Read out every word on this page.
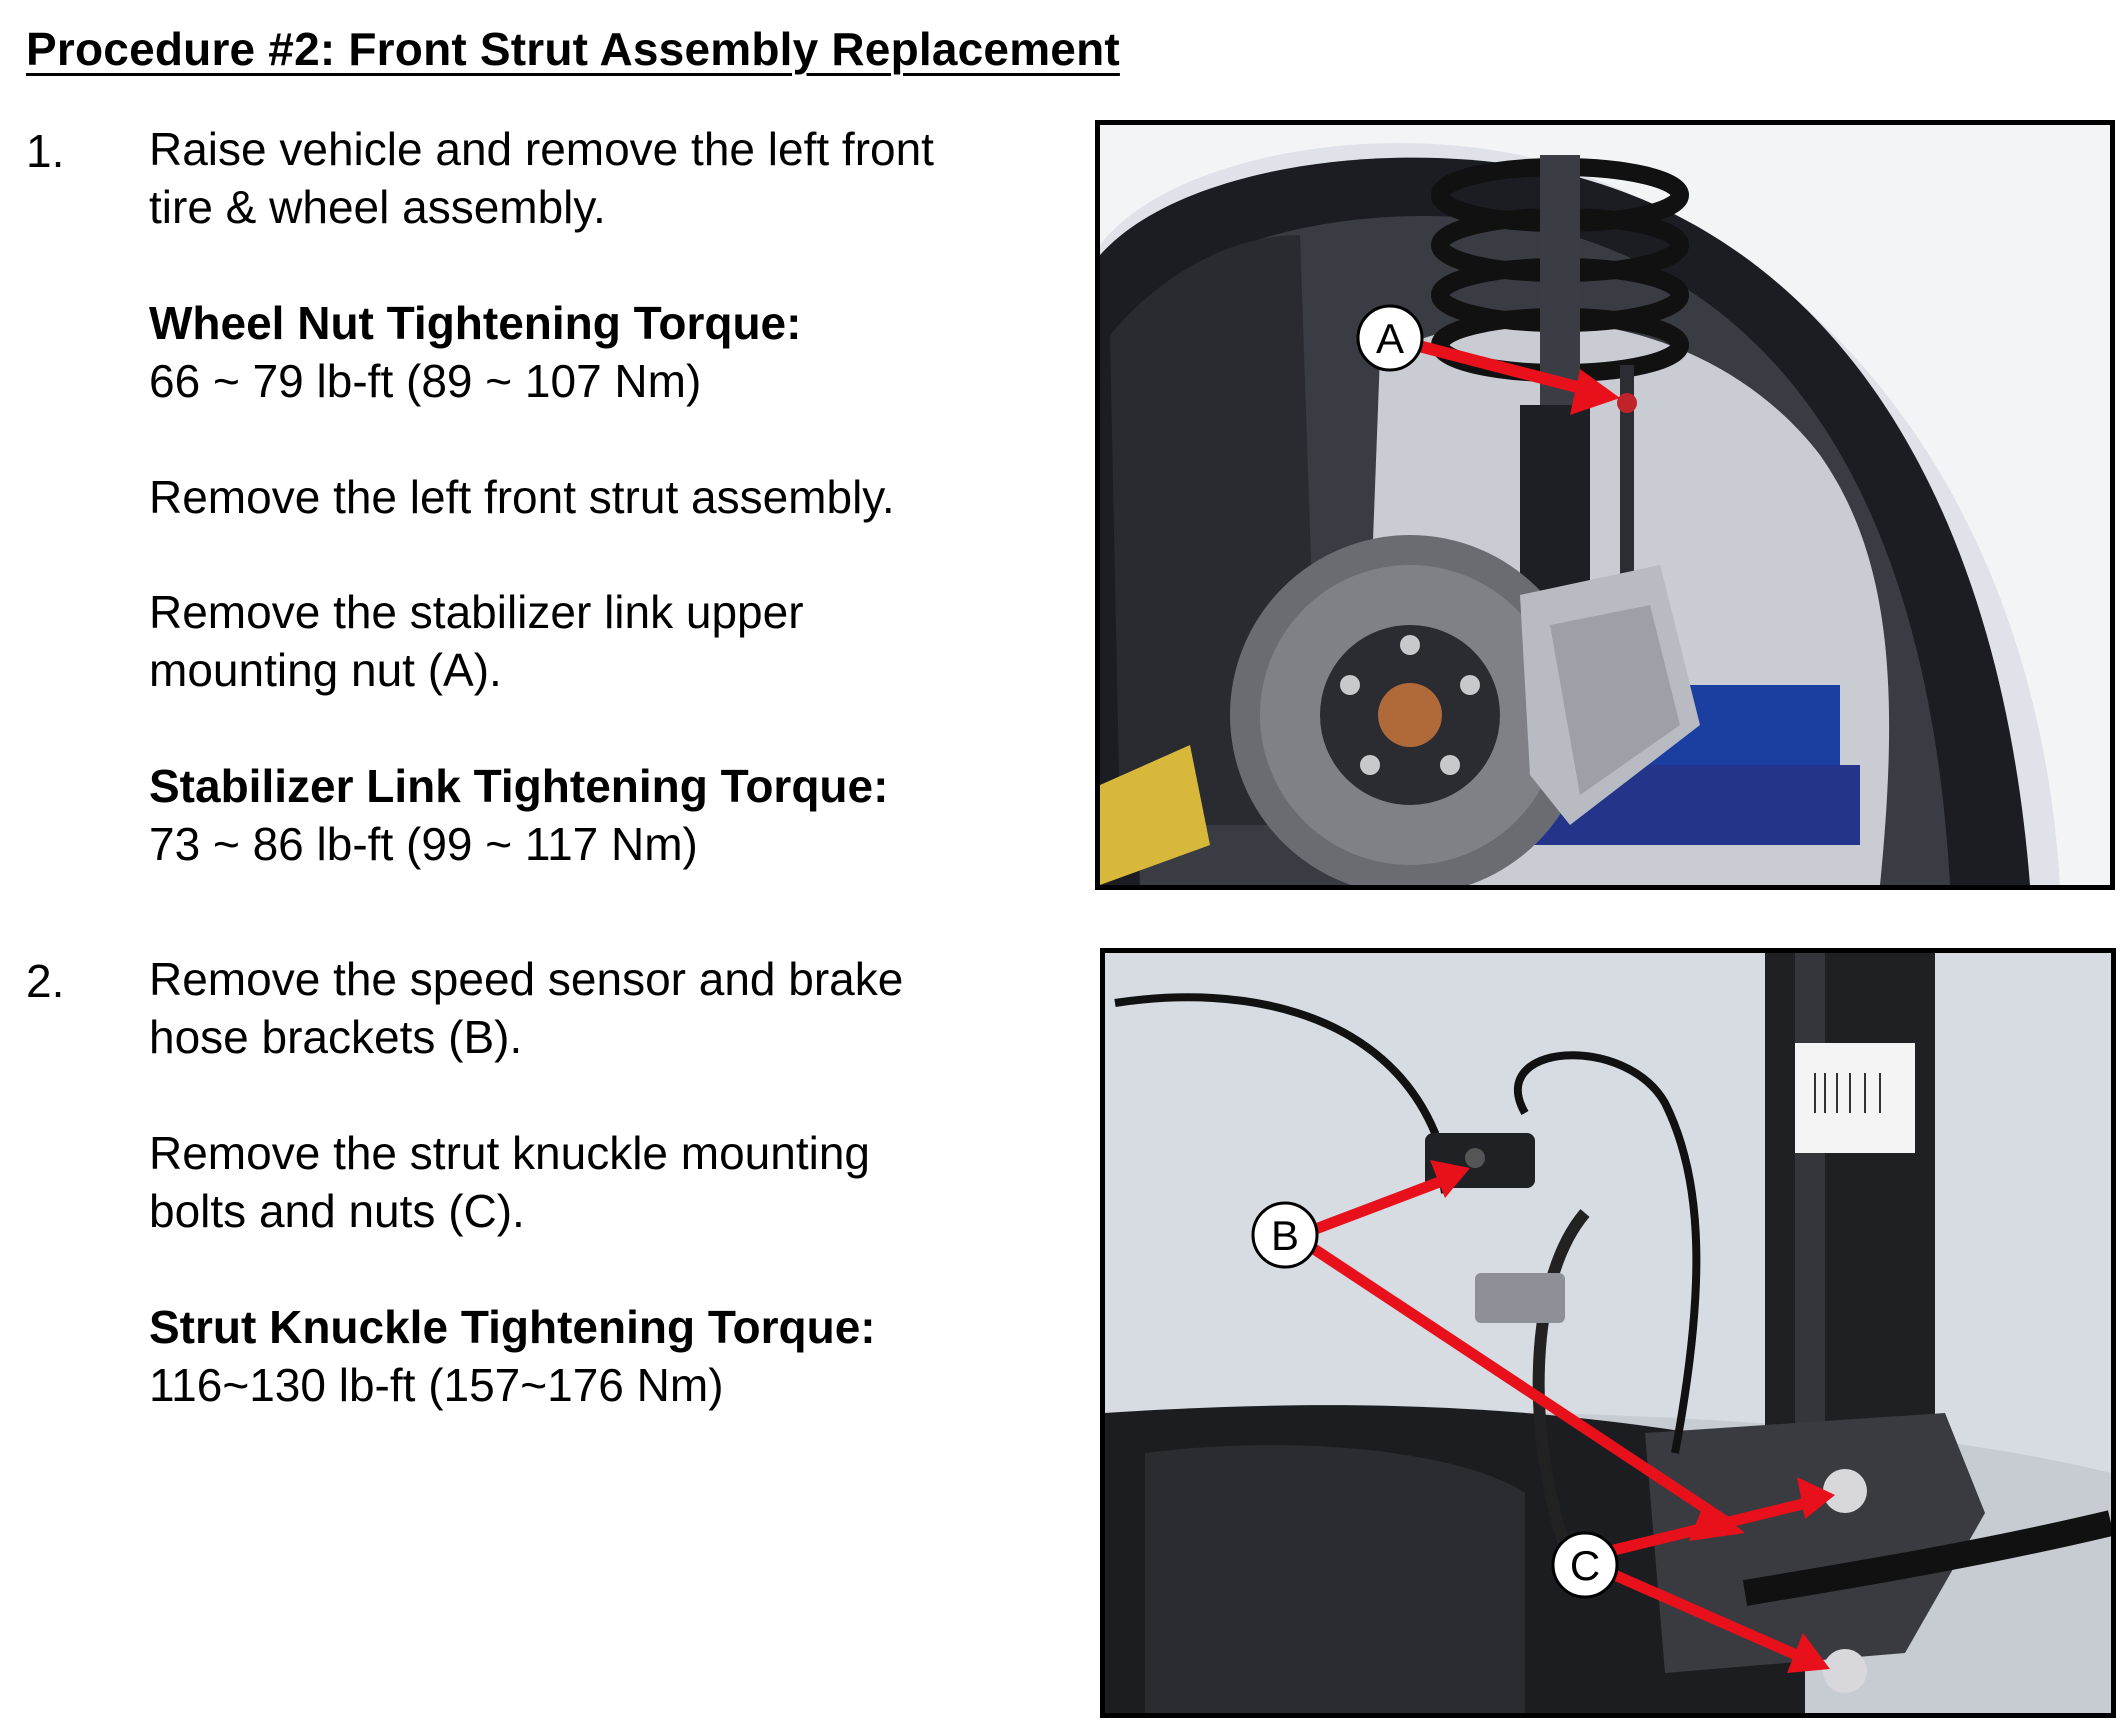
Procedure #2: Front Strut Assembly Replacement
1. Raise vehicle and remove the left front
tire & wheel assembly.
Wheel Nut Tightening Torque:
66 ~ 79 lb-ft (89 ~ 107 Nm)
Remove the left front strut assembly.
Remove the stabilizer link upper
mounting nut (A).
Stabilizer Link Tightening Torque:
73 ~ 86 lb-ft (99 ~ 117 Nm)
2. Remove the speed sensor and brake
hose brackets (B).
Remove the strut knuckle mounting
bolts and nuts (C).
Strut Knuckle Tightening Torque:
116~130 lb-ft (157~176 Nm)
A
B
C
